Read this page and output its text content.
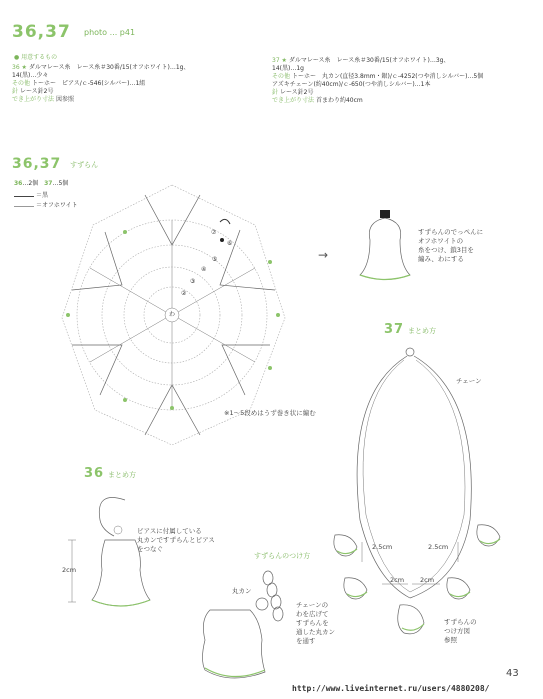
36,37 photo ... p41
● 用意するもの
36 ★ ダルマレース糸　レース糸＃30番/15(オフホワイト)…1g、
14(黒)…少々
その他 トーホー　ピアス/ｃ-546(シルバー)…1組
針 レース針2号
でき上がり寸法 図参照
37 ★ ダルマレース糸　レース糸＃30番/15(オフホワイト)…3g、
14(黒)…1g
その他 トーホー　丸カン(直径3.8mm・銀)/ｃ-4252(つや消しシルバー)…5個
アズキチェーン(約40cm)/ｃ-650(つや消しシルバー)…1本
針 レース針2号
でき上がり寸法 首まわり約40cm
36,37 すずらん
36…2個 37…5個
＝黒
＝オフホワイト
⑦
⑥
⑤
④
③
②
わ
※1～5段めはうず巻き状に編む
→
すずらんのでっぺんに
オフホワイトの
糸をつけ、鎖3目を
編み、わにする
37 まとめ方
チェーン
2.5cm	2.5cm
2cm 2cm
すずらんの
つけ方図
参照
36 まとめ方
ピアスに付属している
丸カンですずらんとピアス
をつなぐ
2cm
すずらんのつけ方
丸カン
チェーンの
わを広げて
すずらんを
通した丸カン
を通す
43
http://www.liveinternet.ru/users/4880208/
